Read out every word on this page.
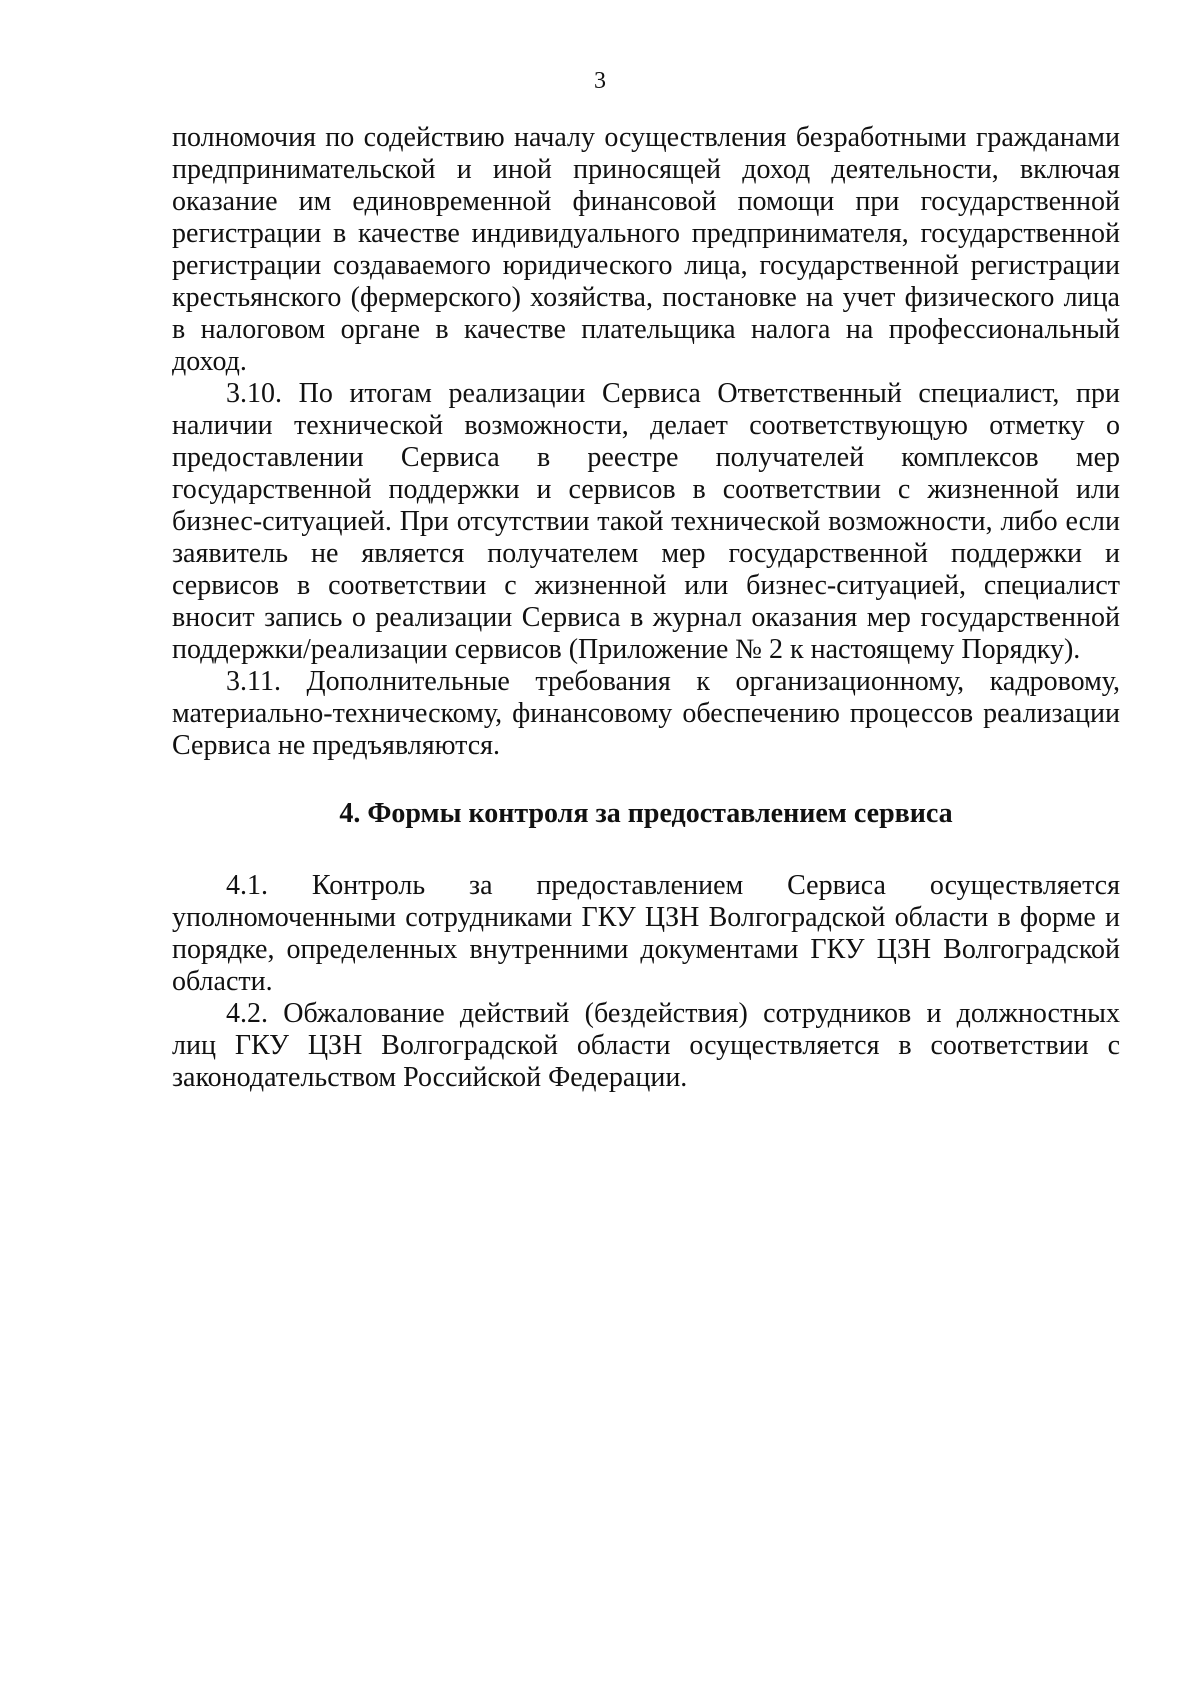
3

полномочия по содействию началу осуществления безработными гражданами предпринимательской и иной приносящей доход деятельности, включая оказание им единовременной финансовой помощи при государственной регистрации в качестве индивидуального предпринимателя, государственной регистрации создаваемого юридического лица, государственной регистрации крестьянского (фермерского) хозяйства, постановке на учет физического лица в налоговом органе в качестве плательщика налога на профессиональный доход.

3.10. По итогам реализации Сервиса Ответственный специалист, при наличии технической возможности, делает соответствующую отметку о предоставлении Сервиса в реестре получателей комплексов мер государственной поддержки и сервисов в соответствии с жизненной или бизнес-ситуацией. При отсутствии такой технической возможности, либо если заявитель не является получателем мер государственной поддержки и сервисов в соответствии с жизненной или бизнес-ситуацией, специалист вносит запись о реализации Сервиса в журнал оказания мер государственной поддержки/реализации сервисов (Приложение № 2 к настоящему Порядку).

3.11. Дополнительные требования к организационному, кадровому, материально-техническому, финансовому обеспечению процессов реализации Сервиса не предъявляются.

4. Формы контроля за предоставлением сервиса

4.1. Контроль за предоставлением Сервиса осуществляется уполномоченными сотрудниками ГКУ ЦЗН Волгоградской области в форме и порядке, определенных внутренними документами ГКУ ЦЗН Волгоградской области.

4.2. Обжалование действий (бездействия) сотрудников и должностных лиц ГКУ ЦЗН Волгоградской области осуществляется в соответствии с законодательством Российской Федерации.
